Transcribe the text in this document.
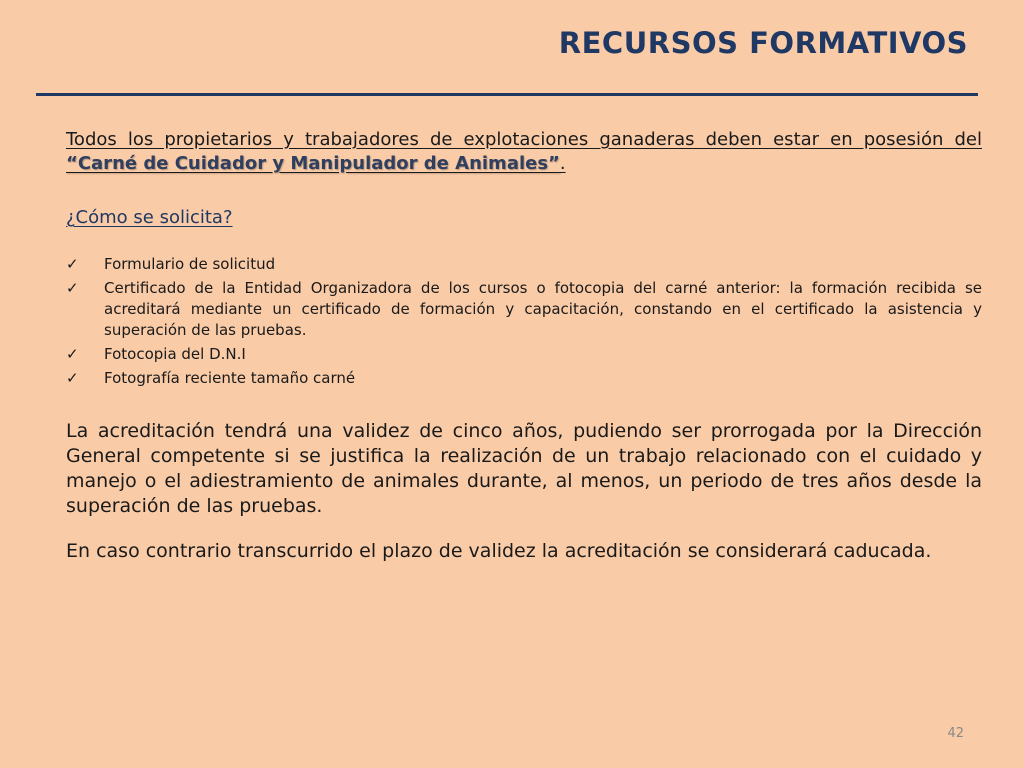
RECURSOS FORMATIVOS

Todos los propietarios y trabajadores de explotaciones ganaderas deben estar en posesión del “Carné de Cuidador y Manipulador de Animales”.

¿Cómo se solicita?

✓ Formulario de solicitud
✓ Certificado de la Entidad Organizadora de los cursos o fotocopia del carné anterior: la formación recibida se acreditará mediante un certificado de formación y capacitación, constando en el certificado la asistencia y superación de las pruebas.
✓ Fotocopia del D.N.I
✓ Fotografía reciente tamaño carné

La acreditación tendrá una validez de cinco años, pudiendo ser prorrogada por la Dirección General competente si se justifica la realización de un trabajo relacionado con el cuidado y manejo o el adiestramiento de animales durante, al menos, un periodo de tres años desde la superación de las pruebas.

En caso contrario transcurrido el plazo de validez la acreditación se considerará caducada.

42
